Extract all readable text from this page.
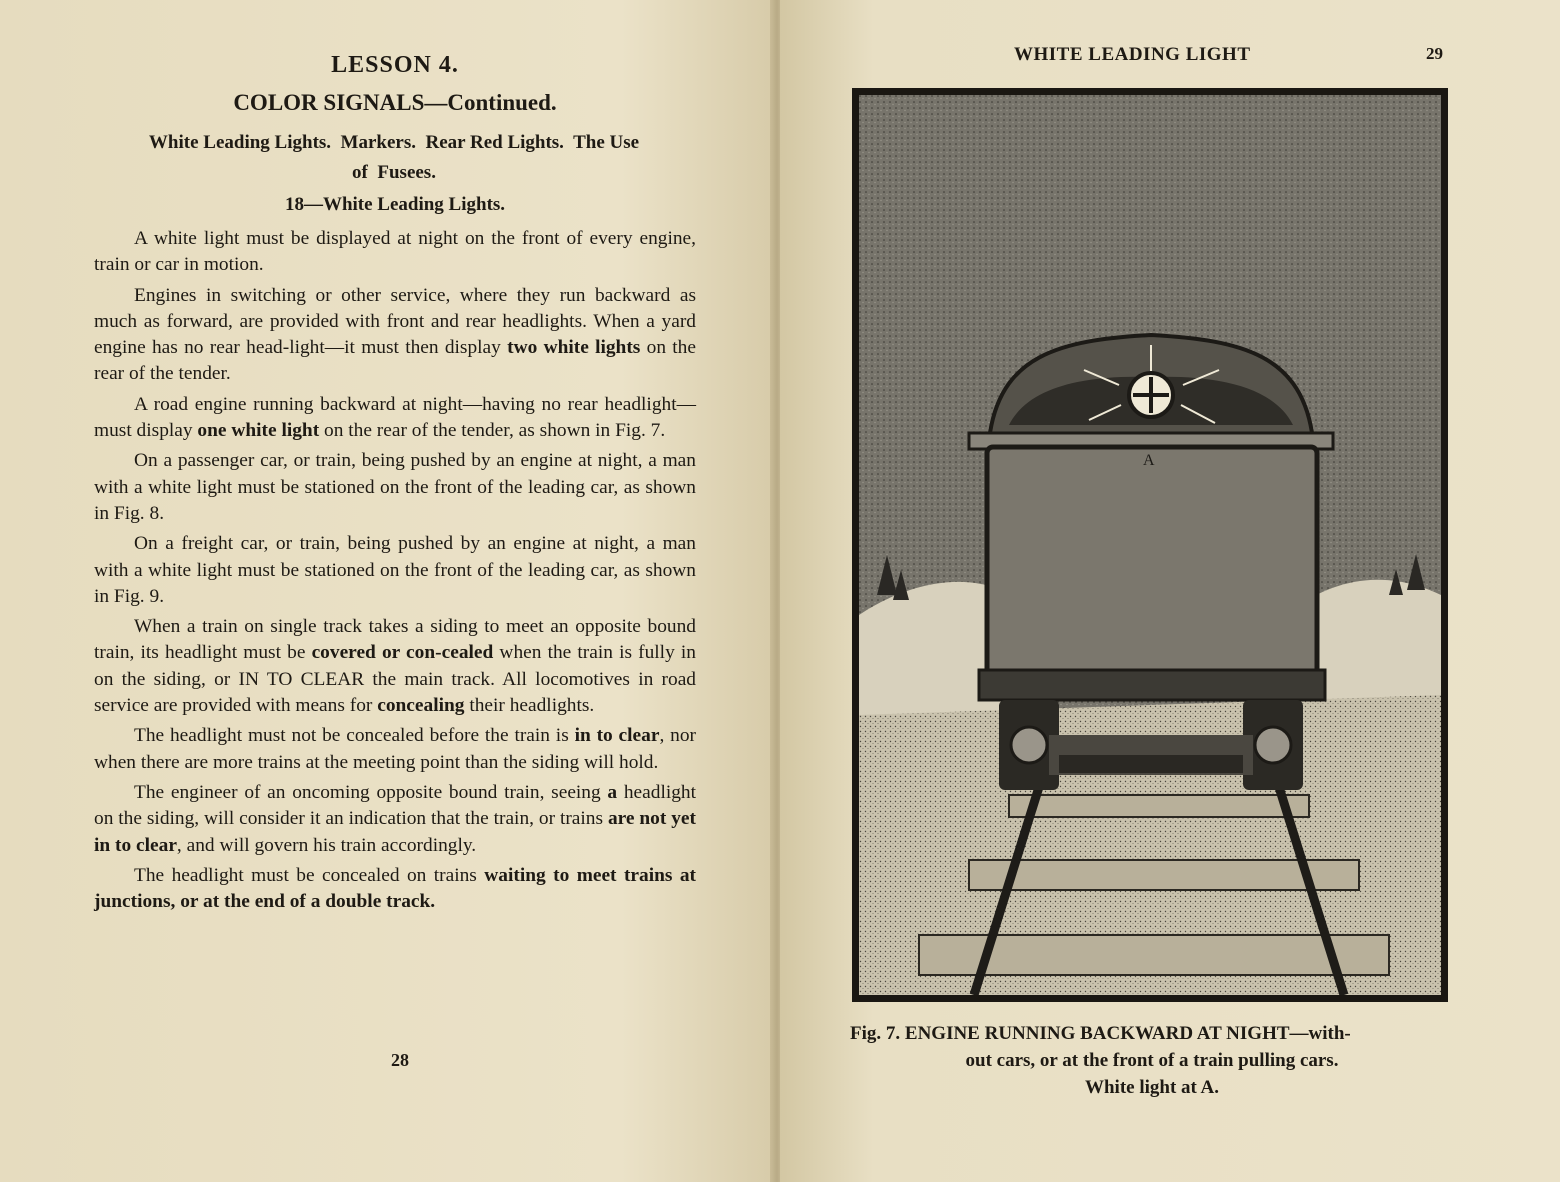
LESSON 4.
COLOR SIGNALS—Continued.
White Leading Lights.  Markers.  Rear Red Lights.  The Use
of  Fusees.
18—White Leading Lights.

A white light must be displayed at night on the front of every engine, train or car in motion.

Engines in switching or other service, where they run backward as much as forward, are provided with front and rear headlights. When a yard engine has no rear head-light—it must then display two white lights on the rear of the tender.

A road engine running backward at night—having no rear headlight—must display one white light on the rear of the tender, as shown in Fig. 7.

On a passenger car, or train, being pushed by an engine at night, a man with a white light must be stationed on the front of the leading car, as shown in Fig. 8.

On a freight car, or train, being pushed by an engine at night, a man with a white light must be stationed on the front of the leading car, as shown in Fig. 9.

When a train on single track takes a siding to meet an opposite bound train, its headlight must be covered or con-cealed when the train is fully in on the siding, or IN TO CLEAR the main track. All locomotives in road service are provided with means for concealing their headlights.

The headlight must not be concealed before the train is in to clear, nor when there are more trains at the meeting point than the siding will hold.

The engineer of an oncoming opposite bound train, seeing a headlight on the siding, will consider it an indication that the train, or trains are not yet in to clear, and will govern his train accordingly.

The headlight must be concealed on trains waiting to meet trains at junctions, or at the end of a double track.

28
WHITE LEADING LIGHT	29
A
Fig. 7. ENGINE RUNNING BACKWARD AT NIGHT—with-
out cars, or at the front of a train pulling cars.
White light at A.
